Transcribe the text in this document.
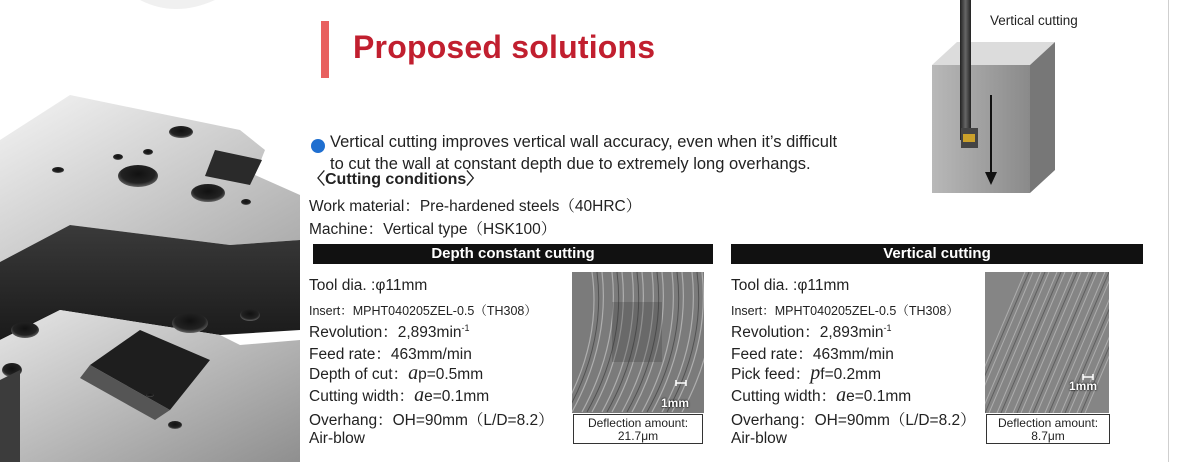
Proposed solutions
Vertical cutting
Vertical cutting improves vertical wall accuracy, even when it’s difficult
to cut the wall at constant depth due to extremely long overhangs.
〈Cutting conditions〉
Work material：Pre-hardened steels（40HRC）
Machine：Vertical type（HSK100）
Depth constant cutting
Tool dia. :φ11mm
Insert：MPHT040205ZEL-0.5（TH308）
Revolution：$2,893\min^{-1}$
Feed rate：463mm/min
Depth of cut：ap=0.5mm
Cutting width：ae=0.1mm
Overhang：OH=90mm（L/D=8.2）
Air-blow
1mm
Deflection amount:
21.7μm
Vertical cutting
Tool dia. :φ11mm
Insert：MPHT040205ZEL-0.5（TH308）
Revolution：$2,893\min^{-1}$
Feed rate：463mm/min
Pick feed：pf=0.2mm
Cutting width：ae=0.1mm
Overhang：OH=90mm（L/D=8.2）
Air-blow
1mm
Deflection amount:
8.7μm
